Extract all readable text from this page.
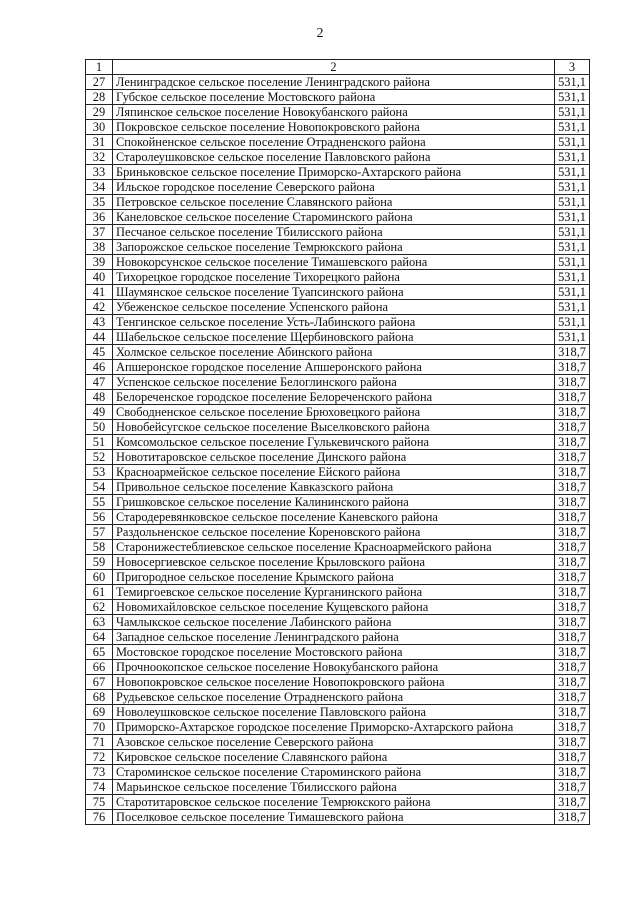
2
1	2	3
27	Ленинградское сельское поселение Ленинградского района	531,1
28	Губское сельское поселение Мостовского района	531,1
29	Ляпинское сельское поселение Новокубанского района	531,1
30	Покровское сельское поселение Новопокровского района	531,1
31	Спокойненское сельское поселение Отрадненского района	531,1
32	Старолеушковское сельское поселение Павловского района	531,1
33	Бриньковское сельское поселение Приморско-Ахтарского района	531,1
34	Ильское городское поселение Северского района	531,1
35	Петровское сельское поселение Славянского района	531,1
36	Канеловское сельское поселение Староминского района	531,1
37	Песчаное сельское поселение Тбилисского района	531,1
38	Запорожское сельское поселение Темрюкского района	531,1
39	Новокорсунское сельское поселение Тимашевского района	531,1
40	Тихорецкое городское поселение Тихорецкого района	531,1
41	Шаумянское сельское поселение Туапсинского района	531,1
42	Убеженское сельское поселение Успенского района	531,1
43	Тенгинское сельское поселение Усть-Лабинского района	531,1
44	Шабельское сельское поселение Щербиновского района	531,1
45	Холмское сельское поселение Абинского района	318,7
46	Апшеронское городское поселение Апшеронского района	318,7
47	Успенское сельское поселение Белоглинского района	318,7
48	Белореченское городское поселение Белореченского района	318,7
49	Свободненское сельское поселение Брюховецкого района	318,7
50	Новобейсугское сельское поселение Выселковского района	318,7
51	Комсомольское сельское поселение Гулькевичского района	318,7
52	Новотитаровское сельское поселение Динского района	318,7
53	Красноармейское сельское поселение Ейского района	318,7
54	Привольное сельское поселение Кавказского района	318,7
55	Гришковское сельское поселение Калининского района	318,7
56	Стародеревянковское сельское поселение Каневского района	318,7
57	Раздольненское сельское поселение Кореновского района	318,7
58	Старонижестеблиевское сельское поселение Красноармейского района	318,7
59	Новосергиевское сельское поселение Крыловского района	318,7
60	Пригородное сельское поселение Крымского района	318,7
61	Темиргоевское сельское поселение Курганинского района	318,7
62	Новомихайловское сельское поселение Кущевского района	318,7
63	Чамлыкское сельское поселение Лабинского района	318,7
64	Западное сельское поселение Ленинградского района	318,7
65	Мостовское городское поселение Мостовского района	318,7
66	Прочноокопское сельское поселение Новокубанского района	318,7
67	Новопокровское сельское поселение Новопокровского района	318,7
68	Рудьевское сельское поселение Отрадненского района	318,7
69	Новолеушковское сельское поселение Павловского района	318,7
70	Приморско-Ахтарское городское поселение Приморско-Ахтарского района	318,7
71	Азовское сельское поселение Северского района	318,7
72	Кировское сельское поселение Славянского района	318,7
73	Староминское сельское поселение Староминского района	318,7
74	Марьинское сельское поселение Тбилисского района	318,7
75	Старотитаровское сельское поселение Темрюкского района	318,7
76	Поселковое сельское поселение Тимашевского района	318,7
